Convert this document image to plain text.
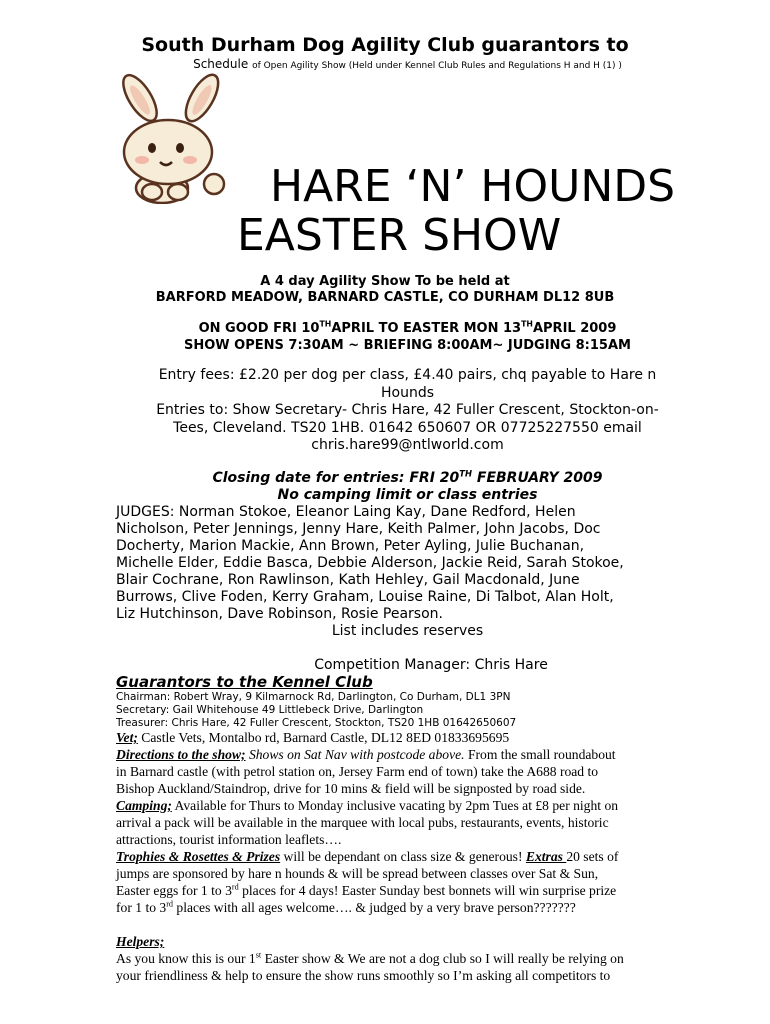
South Durham Dog Agility Club guarantors to
Schedule of Open Agility Show (Held under Kennel Club Rules and Regulations H and H (1) )
HARE ‘N’ HOUNDS
EASTER SHOW
A 4 day Agility Show To be held at
BARFORD MEADOW, BARNARD CASTLE, CO DURHAM DL12 8UB
ON GOOD FRI 10THAPRIL TO EASTER MON 13THAPRIL 2009
SHOW OPENS 7:30AM ~ BRIEFING 8:00AM~ JUDGING 8:15AM
Entry fees: £2.20 per dog per class, £4.40 pairs, chq payable to Hare n
Hounds
Entries to: Show Secretary- Chris Hare, 42 Fuller Crescent, Stockton-on-
Tees, Cleveland. TS20 1HB. 01642 650607 OR 07725227550 email
chris.hare99@ntlworld.com
Closing date for entries: FRI 20TH FEBRUARY 2009
No camping limit or class entries
JUDGES: Norman Stokoe, Eleanor Laing Kay, Dane Redford, Helen
Nicholson, Peter Jennings, Jenny Hare, Keith Palmer, John Jacobs, Doc
Docherty, Marion Mackie, Ann Brown, Peter Ayling, Julie Buchanan,
Michelle Elder, Eddie Basca, Debbie Alderson, Jackie Reid, Sarah Stokoe,
Blair Cochrane, Ron Rawlinson, Kath Hehley, Gail Macdonald, June
Burrows, Clive Foden, Kerry Graham, Louise Raine, Di Talbot, Alan Holt,
Liz Hutchinson, Dave Robinson, Rosie Pearson.
List includes reserves
Competition Manager: Chris Hare
Guarantors to the Kennel Club
Chairman: Robert Wray, 9 Kilmarnock Rd, Darlington, Co Durham, DL1 3PN
Secretary: Gail Whitehouse 49 Littlebeck Drive, Darlington
Treasurer: Chris Hare, 42 Fuller Crescent, Stockton, TS20 1HB 01642650607
Vet; Castle Vets, Montalbo rd, Barnard Castle, DL12 8ED 01833695695
Directions to the show; Shows on Sat Nav with postcode above. From the small roundabout
in Barnard castle (with petrol station on, Jersey Farm end of town) take the A688 road to
Bishop Auckland/Staindrop, drive for 10 mins & field will be signposted by road side.
Camping; Available for Thurs to Monday inclusive vacating by 2pm Tues at £8 per night on
arrival a pack will be available in the marquee with local pubs, restaurants, events, historic
attractions, tourist information leaflets….
Trophies & Rosettes & Prizes will be dependant on class size & generous! Extras 20 sets of
jumps are sponsored by hare n hounds & will be spread between classes over Sat & Sun,
Easter eggs for 1 to 3rd places for 4 days! Easter Sunday best bonnets will win surprise prize
for 1 to 3rd places with all ages welcome…. & judged by a very brave person???????
Helpers;
As you know this is our 1st Easter show & We are not a dog club so I will really be relying on
your friendliness & help to ensure the show runs smoothly so I’m asking all competitors to
